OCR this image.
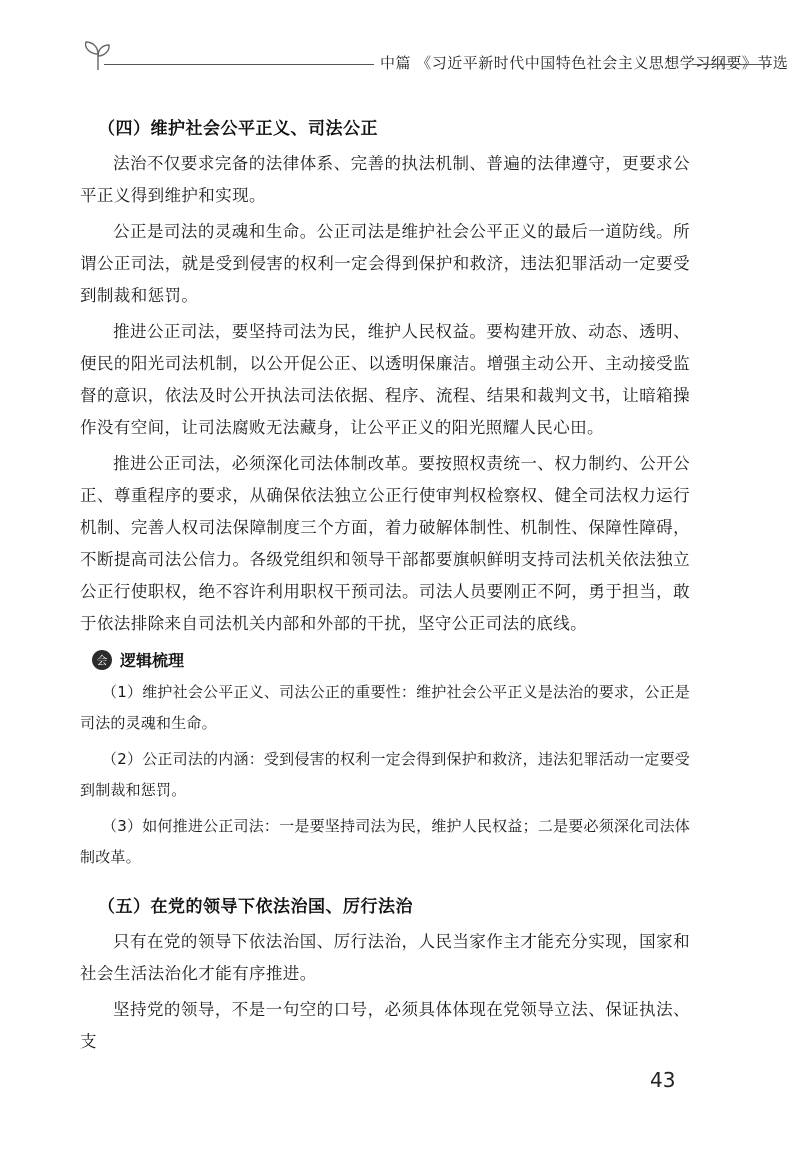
中篇 《习近平新时代中国特色社会主义思想学习纲要》节选
（四）维护社会公平正义、司法公正

法治不仅要求完备的法律体系、完善的执法机制、普遍的法律遵守，更要求公平正义得到维护和实现。

公正是司法的灵魂和生命。公正司法是维护社会公平正义的最后一道防线。所谓公正司法，就是受到侵害的权利一定会得到保护和救济，违法犯罪活动一定要受到制裁和惩罚。

推进公正司法，要坚持司法为民，维护人民权益。要构建开放、动态、透明、便民的阳光司法机制，以公开促公正、以透明保廉洁。增强主动公开、主动接受监督的意识，依法及时公开执法司法依据、程序、流程、结果和裁判文书，让暗箱操作没有空间，让司法腐败无法藏身，让公平正义的阳光照耀人民心田。

推进公正司法，必须深化司法体制改革。要按照权责统一、权力制约、公开公正、尊重程序的要求，从确保依法独立公正行使审判权检察权、健全司法权力运行机制、完善人权司法保障制度三个方面，着力破解体制性、机制性、保障性障碍，不断提高司法公信力。各级党组织和领导干部都要旗帜鲜明支持司法机关依法独立公正行使职权，绝不容许利用职权干预司法。司法人员要刚正不阿，勇于担当，敢于依法排除来自司法机关内部和外部的干扰，坚守公正司法的底线。

会 逻辑梳理

（1）维护社会公平正义、司法公正的重要性：维护社会公平正义是法治的要求，公正是司法的灵魂和生命。

（2）公正司法的内涵：受到侵害的权利一定会得到保护和救济，违法犯罪活动一定要受到制裁和惩罚。

（3）如何推进公正司法：一是要坚持司法为民，维护人民权益；二是要必须深化司法体制改革。

（五）在党的领导下依法治国、厉行法治

只有在党的领导下依法治国、厉行法治，人民当家作主才能充分实现，国家和社会生活法治化才能有序推进。

坚持党的领导，不是一句空的口号，必须具体体现在党领导立法、保证执法、支

43
